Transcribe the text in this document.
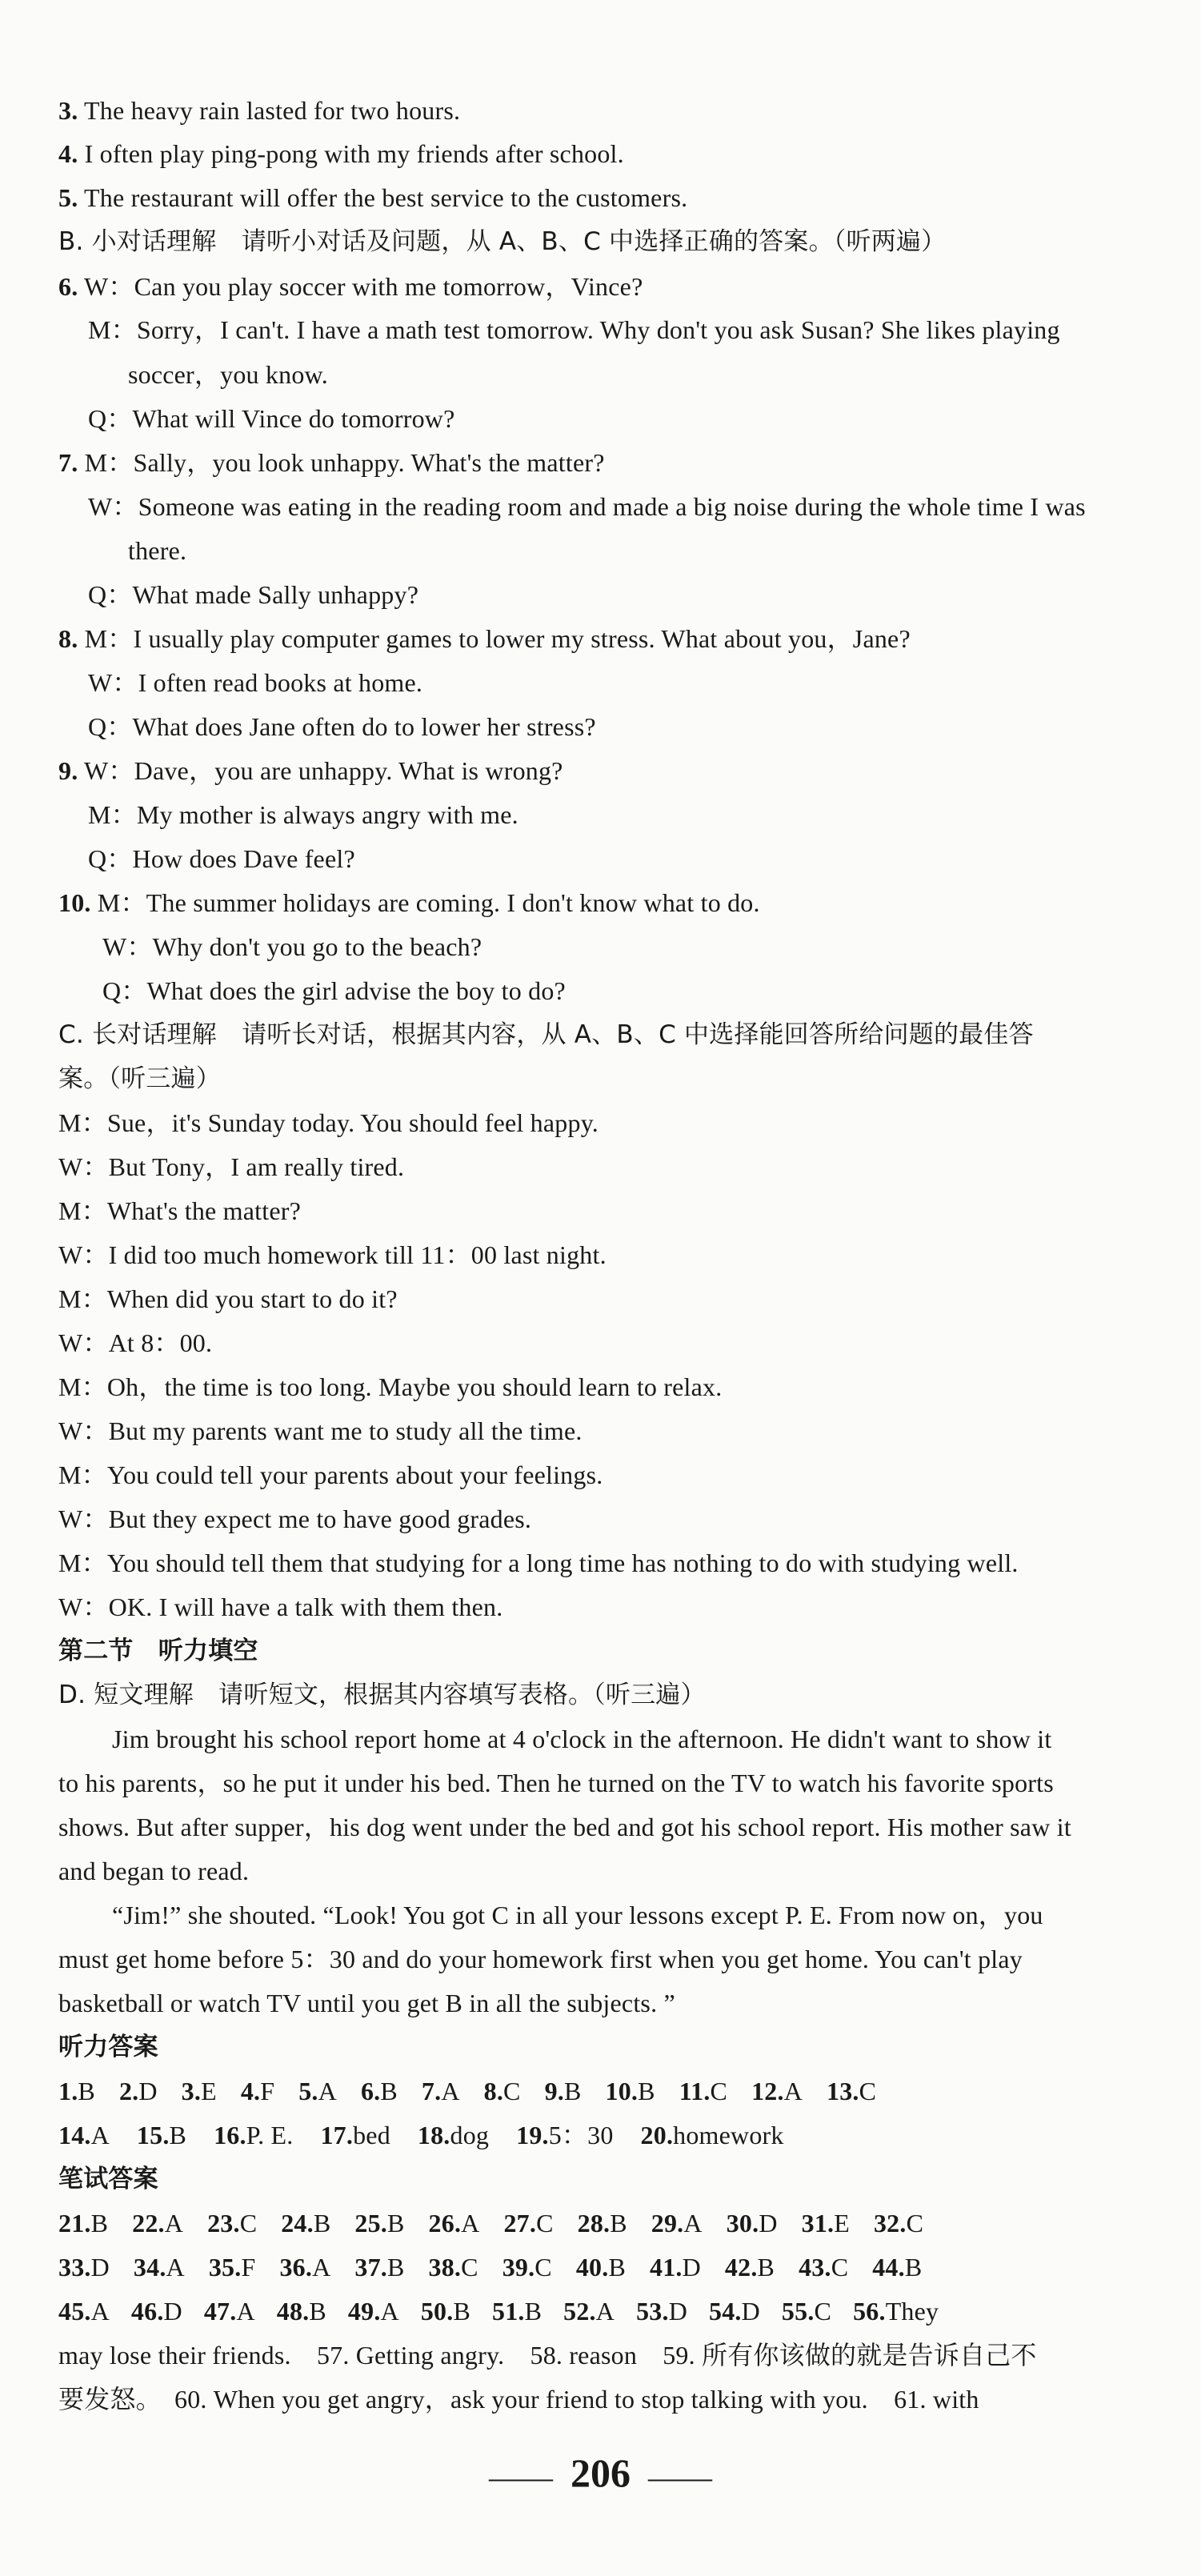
3. The heavy rain lasted for two hours.
4. I often play ping-pong with my friends after school.
5. The restaurant will offer the best service to the customers.
B. 小对话理解　请听小对话及问题，从 A、B、C 中选择正确的答案。（听两遍）
6. W：Can you play soccer with me tomorrow，Vince?
M：Sorry，I can't. I have a math test tomorrow. Why don't you ask Susan? She likes playing
soccer，you know.
Q：What will Vince do tomorrow?
7. M：Sally，you look unhappy. What's the matter?
W：Someone was eating in the reading room and made a big noise during the whole time I was
there.
Q：What made Sally unhappy?
8. M：I usually play computer games to lower my stress. What about you，Jane?
W：I often read books at home.
Q：What does Jane often do to lower her stress?
9. W：Dave，you are unhappy. What is wrong?
M：My mother is always angry with me.
Q：How does Dave feel?
10. M：The summer holidays are coming. I don't know what to do.
W：Why don't you go to the beach?
Q：What does the girl advise the boy to do?
C. 长对话理解　请听长对话，根据其内容，从 A、B、C 中选择能回答所给问题的最佳答
案。（听三遍）
M：Sue，it's Sunday today. You should feel happy.
W：But Tony，I am really tired.
M：What's the matter?
W：I did too much homework till 11：00 last night.
M：When did you start to do it?
W：At 8：00.
M：Oh，the time is too long. Maybe you should learn to relax.
W：But my parents want me to study all the time.
M：You could tell your parents about your feelings.
W：But they expect me to have good grades.
M：You should tell them that studying for a long time has nothing to do with studying well.
W：OK. I will have a talk with them then.
第二节　听力填空
D. 短文理解　请听短文，根据其内容填写表格。（听三遍）
Jim brought his school report home at 4 o'clock in the afternoon. He didn't want to show it
to his parents，so he put it under his bed. Then he turned on the TV to watch his favorite sports
shows. But after supper，his dog went under the bed and got his school report. His mother saw it
and began to read.
“Jim!” she shouted. “Look! You got C in all your lessons except P. E. From now on，you
must get home before 5：30 and do your homework first when you get home. You can't play
basketball or watch TV until you get B in all the subjects. ”
听力答案
1.B 2.D 3.E 4.F 5.A 6.B 7.A 8.C 9.B 10.B 11.C 12.A 13.C
14.A 15.B 16.P. E. 17.bed 18.dog 19.5：30 20.homework
笔试答案
21.B 22.A 23.C 24.B 25.B 26.A 27.C 28.B 29.A 30.D 31.E 32.C
33.D 34.A 35.F 36.A 37.B 38.C 39.C 40.B 41.D 42.B 43.C 44.B
45.A 46.D 47.A 48.B 49.A 50.B 51.B 52.A 53.D 54.D 55.C 56.They
may lose their friends.　57. Getting angry.　58. reason　59. 所有你该做的就是告诉自己不
要发怒。　60. When you get angry，ask your friend to stop talking with you.　61. with
—— 206 ——
